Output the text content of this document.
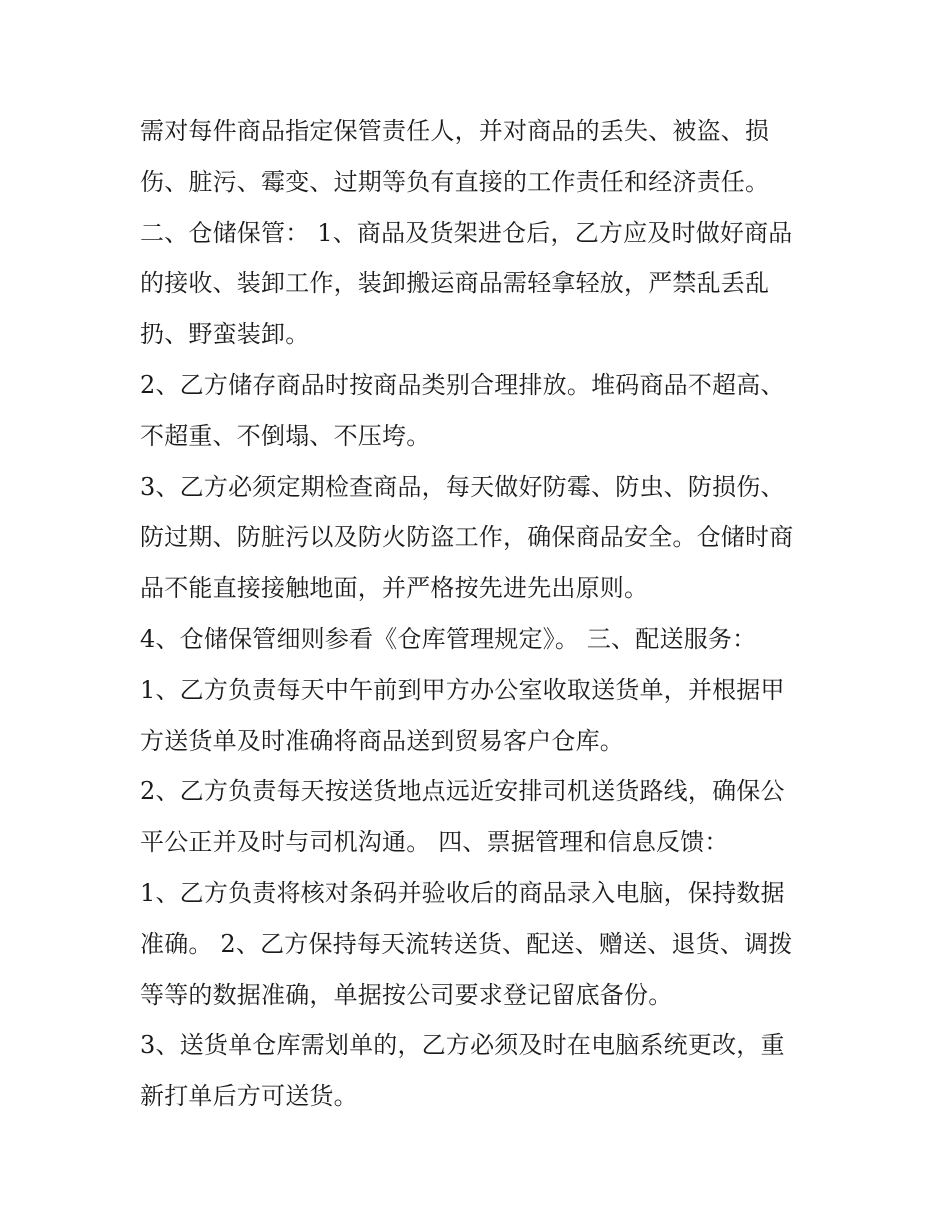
需对每件商品指定保管责任人，并对商品的丢失、被盗、损
伤、脏污、霉变、过期等负有直接的工作责任和经济责任。
二、仓储保管： 1、商品及货架进仓后，乙方应及时做好商品
的接收、装卸工作，装卸搬运商品需轻拿轻放，严禁乱丢乱
扔、野蛮装卸。
2、乙方储存商品时按商品类别合理排放。堆码商品不超高、
不超重、不倒塌、不压垮。
3、乙方必须定期检查商品，每天做好防霉、防虫、防损伤、
防过期、防脏污以及防火防盗工作，确保商品安全。仓储时商
品不能直接接触地面，并严格按先进先出原则。
4、仓储保管细则参看《仓库管理规定》。 三、配送服务：
1、乙方负责每天中午前到甲方办公室收取送货单，并根据甲
方送货单及时准确将商品送到贸易客户仓库。
2、乙方负责每天按送货地点远近安排司机送货路线，确保公
平公正并及时与司机沟通。 四、票据管理和信息反馈：
1、乙方负责将核对条码并验收后的商品录入电脑，保持数据
准确。 2、乙方保持每天流转送货、配送、赠送、退货、调拨
等等的数据准确，单据按公司要求登记留底备份。
3、送货单仓库需划单的，乙方必须及时在电脑系统更改，重
新打单后方可送货。
